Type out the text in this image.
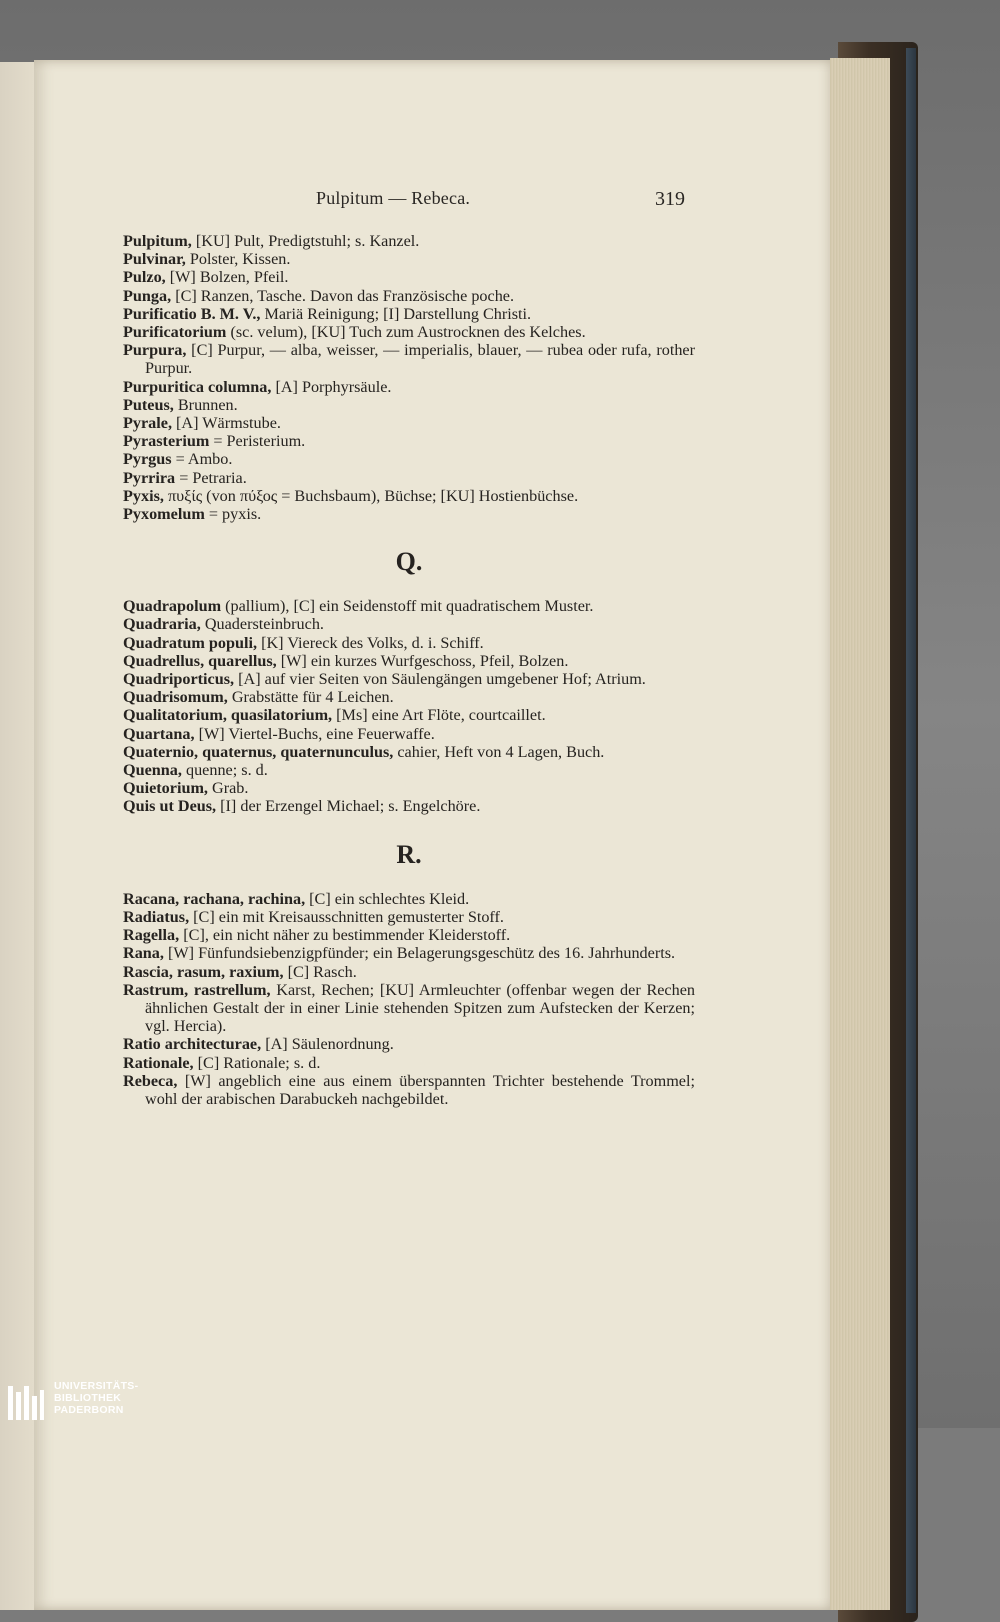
Pulpitum — Rebeca.	319

Pulpitum, [KU] Pult, Predigtstuhl; s. Kanzel.

Pulvinar, Polster, Kissen.

Pulzo, [W] Bolzen, Pfeil.

Punga, [C] Ranzen, Tasche. Davon das Französische poche.

Purificatio B. M. V., Mariä Reinigung; [I] Darstellung Christi.

Purificatorium (sc. velum), [KU] Tuch zum Austrocknen des Kelches.

Purpura, [C] Purpur, — alba, weisser, — imperialis, blauer, — rubea oder rufa, rother Purpur.

Purpuritica columna, [A] Porphyrsäule.

Puteus, Brunnen.

Pyrale, [A] Wärmstube.

Pyrasterium = Peristerium.

Pyrgus = Ambo.

Pyrrira = Petraria.

Pyxis, πυξίς (von πύξος = Buchsbaum), Büchse; [KU] Hostienbüchse.

Pyxomelum = pyxis.

Q.

Quadrapolum (pallium), [C] ein Seidenstoff mit quadratischem Muster.

Quadraria, Quadersteinbruch.

Quadratum populi, [K] Viereck des Volks, d. i. Schiff.

Quadrellus, quarellus, [W] ein kurzes Wurfgeschoss, Pfeil, Bolzen.

Quadriporticus, [A] auf vier Seiten von Säulengängen umgebener Hof; Atrium.

Quadrisomum, Grabstätte für 4 Leichen.

Qualitatorium, quasilatorium, [Ms] eine Art Flöte, courtcaillet.

Quartana, [W] Viertel-Buchs, eine Feuerwaffe.

Quaternio, quaternus, quaternunculus, cahier, Heft von 4 Lagen, Buch.

Quenna, quenne; s. d.

Quietorium, Grab.

Quis ut Deus, [I] der Erzengel Michael; s. Engelchöre.

R.

Racana, rachana, rachina, [C] ein schlechtes Kleid.

Radiatus, [C] ein mit Kreisausschnitten gemusterter Stoff.

Ragella, [C], ein nicht näher zu bestimmender Kleiderstoff.

Rana, [W] Fünfundsiebenzigpfünder; ein Belagerungsgeschütz des 16. Jahrhunderts.

Rascia, rasum, raxium, [C] Rasch.

Rastrum, rastrellum, Karst, Rechen; [KU] Armleuchter (offenbar wegen der Rechen ähnlichen Gestalt der in einer Linie stehenden Spitzen zum Aufstecken der Kerzen; vgl. Hercia).

Ratio architecturae, [A] Säulenordnung.

Rationale, [C] Rationale; s. d.

Rebeca, [W] angeblich eine aus einem überspannten Trichter bestehende Trommel; wohl der arabischen Darabuckeh nachgebildet.

UNIVERSITÄTS-
BIBLIOTHEK
PADERBORN
